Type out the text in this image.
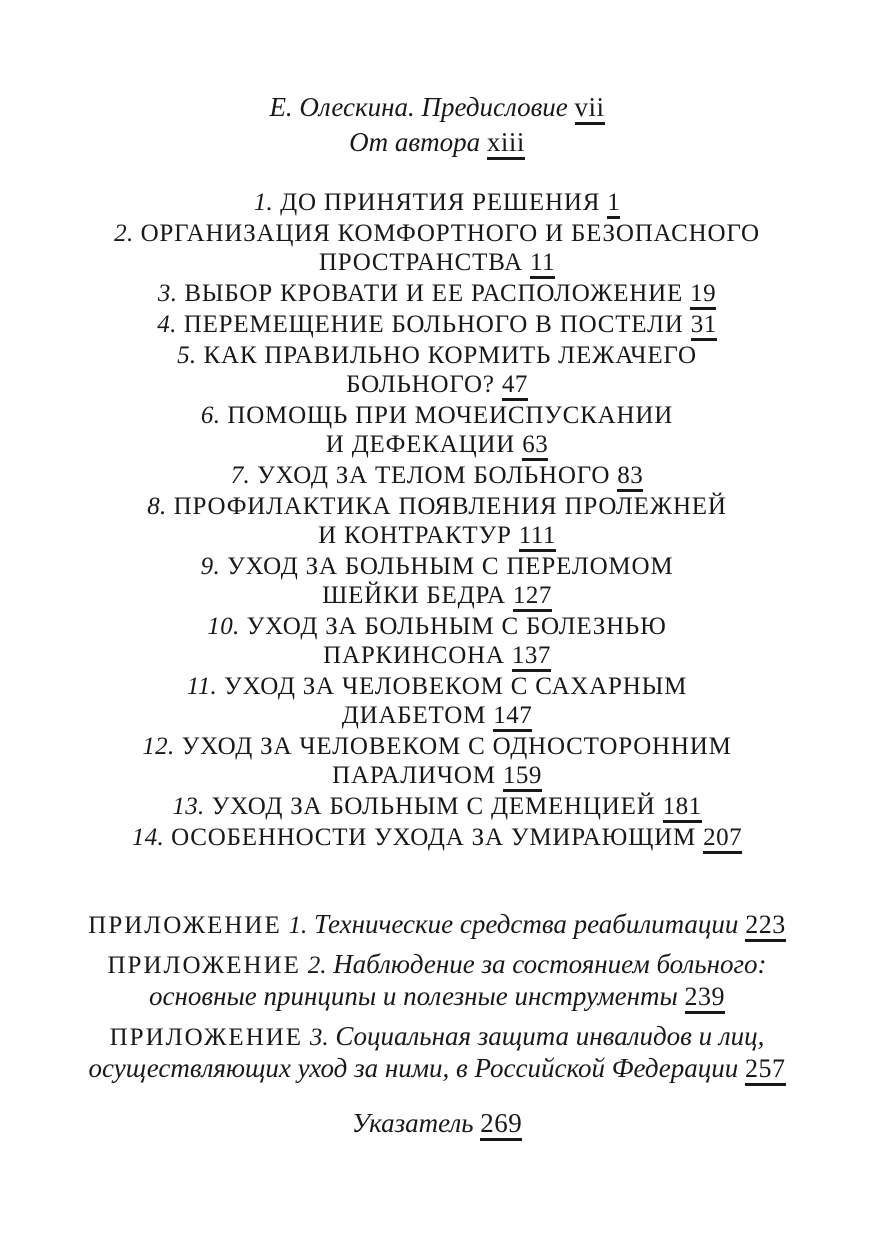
Е. Олескина. Предисловие vii
От автора xiii
1. ДО ПРИНЯТИЯ РЕШЕНИЯ 1
2. ОРГАНИЗАЦИЯ КОМФОРТНОГО И БЕЗОПАСНОГО
ПРОСТРАНСТВА 11
3. ВЫБОР КРОВАТИ И ЕЕ РАСПОЛОЖЕНИЕ 19
4. ПЕРЕМЕЩЕНИЕ БОЛЬНОГО В ПОСТЕЛИ 31
5. КАК ПРАВИЛЬНО КОРМИТЬ ЛЕЖАЧЕГО
БОЛЬНОГО? 47
6. ПОМОЩЬ ПРИ МОЧЕИСПУСКАНИИ
И ДЕФЕКАЦИИ 63
7. УХОД ЗА ТЕЛОМ БОЛЬНОГО 83
8. ПРОФИЛАКТИКА ПОЯВЛЕНИЯ ПРОЛЕЖНЕЙ
И КОНТРАКТУР 111
9. УХОД ЗА БОЛЬНЫМ С ПЕРЕЛОМОМ
ШЕЙКИ БЕДРА 127
10. УХОД ЗА БОЛЬНЫМ С БОЛЕЗНЬЮ
ПАРКИНСОНА 137
11. УХОД ЗА ЧЕЛОВЕКОМ С САХАРНЫМ
ДИАБЕТОМ 147
12. УХОД ЗА ЧЕЛОВЕКОМ С ОДНОСТОРОННИМ
ПАРАЛИЧОМ 159
13. УХОД ЗА БОЛЬНЫМ С ДЕМЕНЦИЕЙ 181
14. ОСОБЕННОСТИ УХОДА ЗА УМИРАЮЩИМ 207
ПРИЛОЖЕНИЕ 1. Технические средства реабилитации 223
ПРИЛОЖЕНИЕ 2. Наблюдение за состоянием больного:
основные принципы и полезные инструменты 239
ПРИЛОЖЕНИЕ 3. Социальная защита инвалидов и лиц,
осуществляющих уход за ними, в Российской Федерации 257
Указатель 269
